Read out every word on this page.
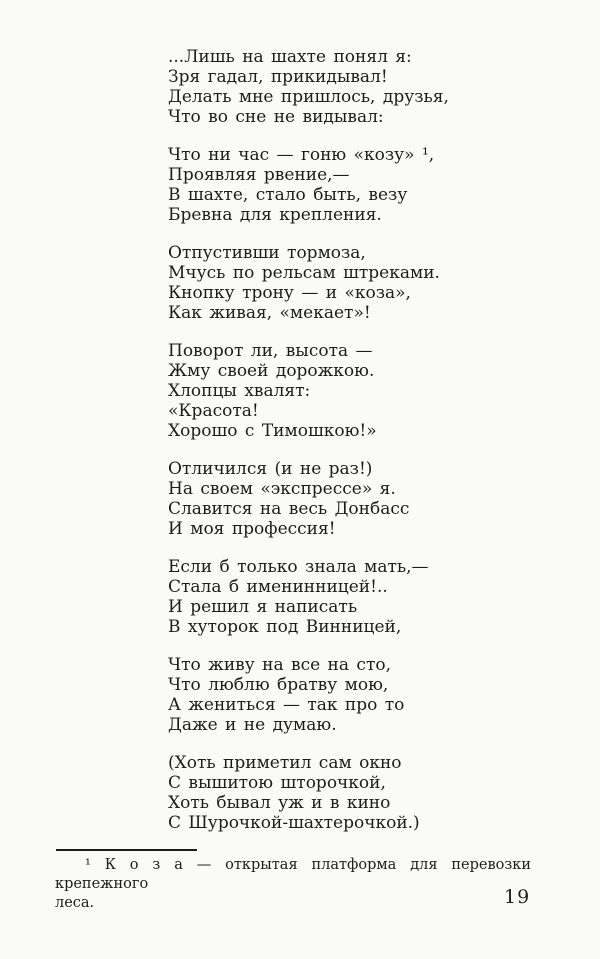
...Лишь на шахте понял я:
Зря гадал, прикидывал!
Делать мне пришлось, друзья,
Что во сне не видывал:
Что ни час — гоню «козу» ¹,
Проявляя рвение,—
В шахте, стало быть, везу
Бревна для крепления.
Отпустивши тормоза,
Мчусь по рельсам штреками.
Кнопку трону — и «коза»,
Как живая, «мекает»!
Поворот ли, высота —
Жму своей дорожкою.
Хлопцы хвалят:
«Красота!
Хорошо с Тимошкою!»
Отличился (и не раз!)
На своем «экспрессе» я.
Славится на весь Донбасс
И моя профессия!
Если б только знала мать,—
Стала б именинницей!..
И решил я написать
В хуторок под Винницей,
Что живу на все на сто,
Что люблю братву мою,
А жениться — так про то
Даже и не думаю.
(Хоть приметил сам окно
С вышитою шторочкой,
Хоть бывал уж и в кино
С Шурочкой-шахтерочкой.)
¹ К о з а — открытая платформа для перевозки крепежного
леса.	19
